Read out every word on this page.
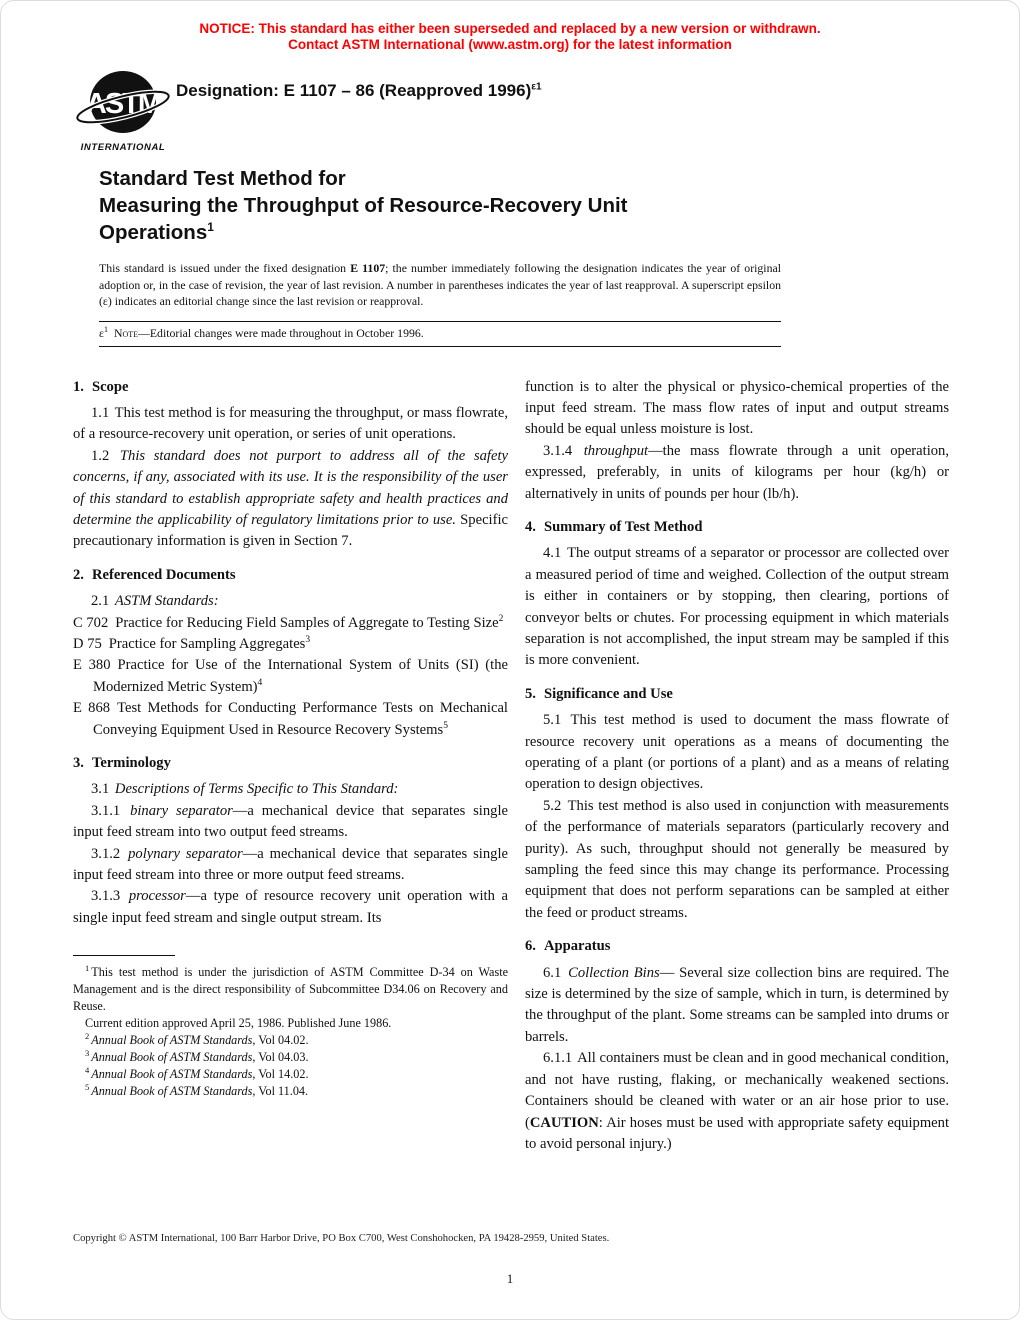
NOTICE: This standard has either been superseded and replaced by a new version or withdrawn.
Contact ASTM International (www.astm.org) for the latest information
ASTM
INTERNATIONAL
Designation: E 1107 – 86 (Reapproved 1996)$^{\varepsilon 1}$
Standard Test Method for
Measuring the Throughput of Resource-Recovery Unit
Operations$^1$

This standard is issued under the fixed designation E 1107; the number immediately following the designation indicates the year of original adoption or, in the case of revision, the year of last revision. A number in parentheses indicates the year of last reapproval. A superscript epsilon (ε) indicates an editorial change since the last revision or reapproval.

$\varepsilon^1$ Note—Editorial changes were made throughout in October 1996.
1. Scope

1.1 This test method is for measuring the throughput, or mass flowrate, of a resource-recovery unit operation, or series of unit operations.

1.2 This standard does not purport to address all of the safety concerns, if any, associated with its use. It is the responsibility of the user of this standard to establish appropriate safety and health practices and determine the applicability of regulatory limitations prior to use. Specific precautionary information is given in Section 7.

2. Referenced Documents

2.1 ASTM Standards:

C 702 Practice for Reducing Field Samples of Aggregate to Testing Size$^2$
D 75 Practice for Sampling Aggregates$^3$
E 380 Practice for Use of the International System of Units (SI) (the Modernized Metric System)$^4$
E 868 Test Methods for Conducting Performance Tests on Mechanical Conveying Equipment Used in Resource Recovery Systems$^5$
3. Terminology

3.1 Descriptions of Terms Specific to This Standard:

3.1.1 binary separator—a mechanical device that separates single input feed stream into two output feed streams.

3.1.2 polynary separator—a mechanical device that separates single input feed stream into three or more output feed streams.

3.1.3 processor—a type of resource recovery unit operation with a single input feed stream and single output stream. Its

$^1$ This test method is under the jurisdiction of ASTM Committee D-34 on Waste Management and is the direct responsibility of Subcommittee D34.06 on Recovery and Reuse.

Current edition approved April 25, 1986. Published June 1986.

$^2$ Annual Book of ASTM Standards, Vol 04.02.

$^3$ Annual Book of ASTM Standards, Vol 04.03.

$^4$ Annual Book of ASTM Standards, Vol 14.02.

$^5$ Annual Book of ASTM Standards, Vol 11.04.

function is to alter the physical or physico-chemical properties of the input feed stream. The mass flow rates of input and output streams should be equal unless moisture is lost.

3.1.4 throughput—the mass flowrate through a unit operation, expressed, preferably, in units of kilograms per hour (kg/h) or alternatively in units of pounds per hour (lb/h).

4. Summary of Test Method

4.1 The output streams of a separator or processor are collected over a measured period of time and weighed. Collection of the output stream is either in containers or by stopping, then clearing, portions of conveyor belts or chutes. For processing equipment in which materials separation is not accomplished, the input stream may be sampled if this is more convenient.

5. Significance and Use

5.1 This test method is used to document the mass flowrate of resource recovery unit operations as a means of documenting the operating of a plant (or portions of a plant) and as a means of relating operation to design objectives.

5.2 This test method is also used in conjunction with measurements of the performance of materials separators (particularly recovery and purity). As such, throughput should not generally be measured by sampling the feed since this may change its performance. Processing equipment that does not perform separations can be sampled at either the feed or product streams.

6. Apparatus

6.1 Collection Bins— Several size collection bins are required. The size is determined by the size of sample, which in turn, is determined by the throughput of the plant. Some streams can be sampled into drums or barrels.

6.1.1 All containers must be clean and in good mechanical condition, and not have rusting, flaking, or mechanically weakened sections. Containers should be cleaned with water or an air hose prior to use. (CAUTION: Air hoses must be used with appropriate safety equipment to avoid personal injury.)

Copyright © ASTM International, 100 Barr Harbor Drive, PO Box C700, West Conshohocken, PA 19428-2959, United States.

1
